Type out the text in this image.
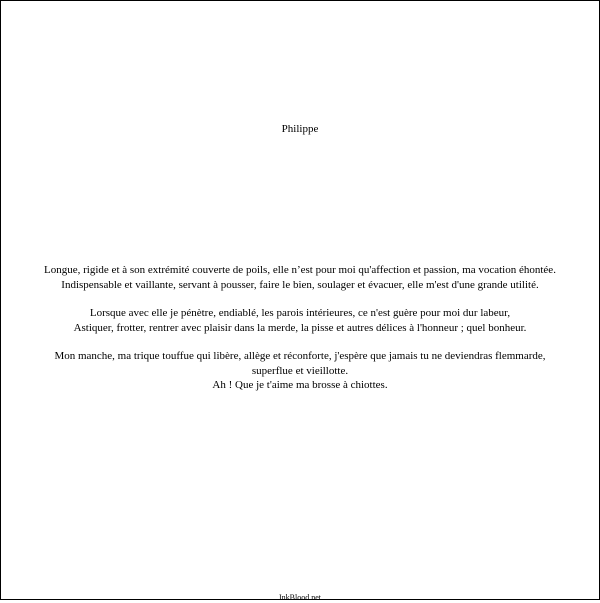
Philippe
Longue, rigide et à son extrémité couverte de poils, elle n’est pour moi qu'affection et passion, ma vocation éhontée.
Indispensable et vaillante, servant à pousser, faire le bien, soulager et évacuer, elle m'est d'une grande utilité.
Lorsque avec elle je pénètre, endiablé, les parois intérieures, ce n'est guère pour moi dur labeur,
Astiquer, frotter, rentrer avec plaisir dans la merde, la pisse et autres délices à l'honneur ; quel bonheur.
Mon manche, ma trique touffue qui libère, allège et réconforte, j'espère que jamais tu ne deviendras flemmarde,
superflue et vieillotte.
Ah ! Que je t'aime ma brosse à chiottes.
InkBlood.net
